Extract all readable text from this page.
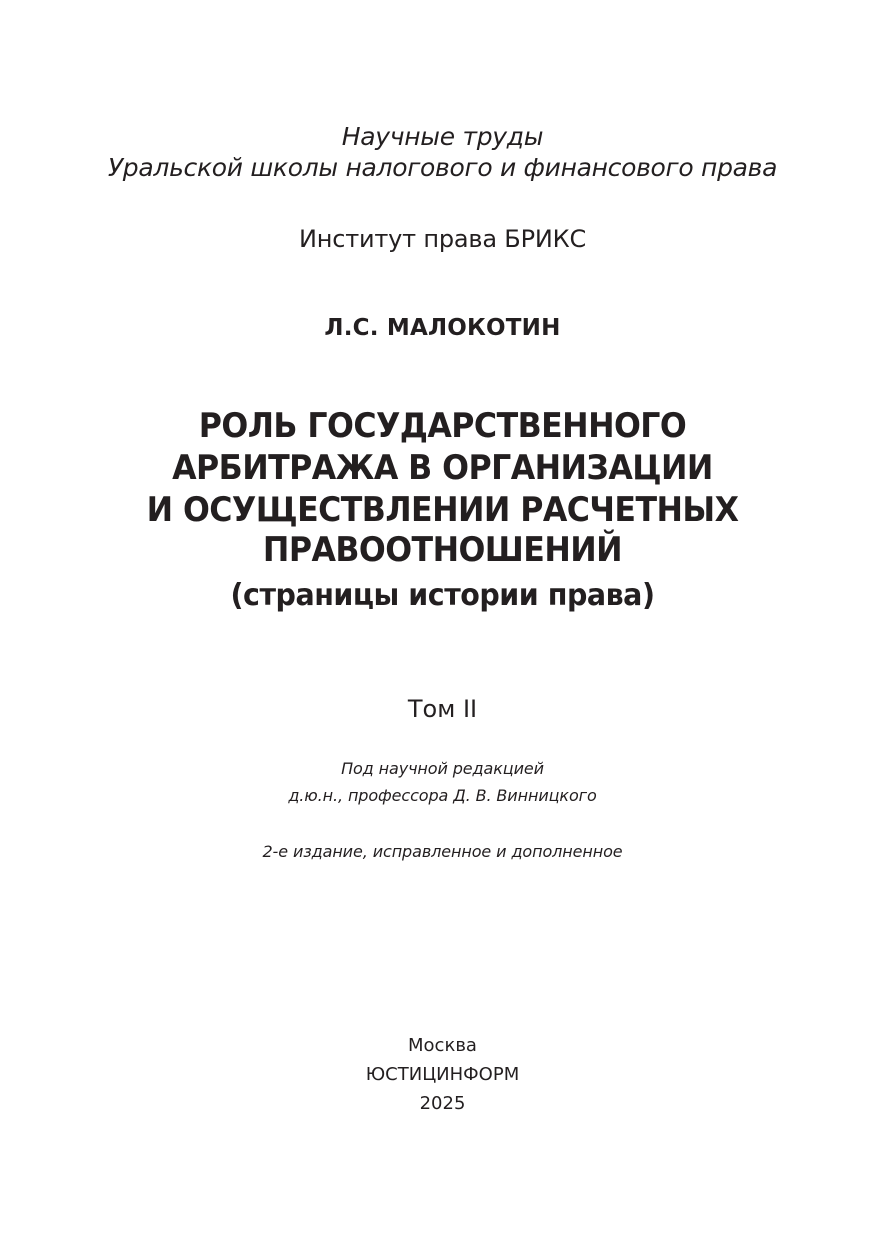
Научные труды
Уральской школы налогового и финансового права
Институт права БРИКС
Л.С. МАЛОКОТИН
РОЛЬ ГОСУДАРСТВЕННОГО
АРБИТРАЖА В ОРГАНИЗАЦИИ
И ОСУЩЕСТВЛЕНИИ РАСЧЕТНЫХ
ПРАВООТНОШЕНИЙ
(страницы истории права)
Том II
Под научной редакцией
д.ю.н., профессора Д. В. Винницкого
2-е издание, исправленное и дополненное
Москва
ЮСТИЦИНФОРМ
2025
